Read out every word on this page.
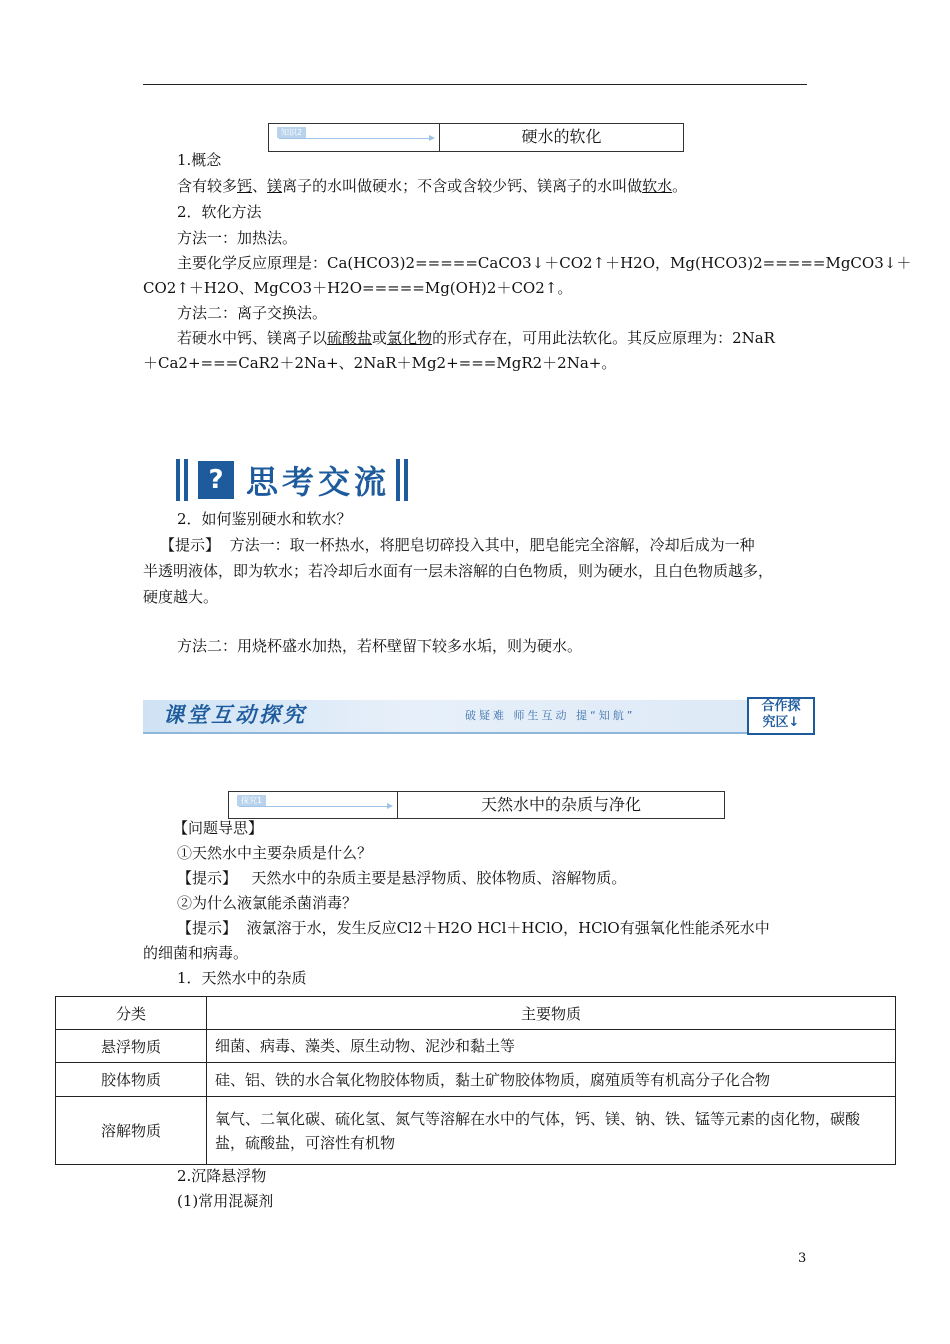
知识2	硬水的软化
1.概念
含有较多钙、镁离子的水叫做硬水；不含或含较少钙、镁离子的水叫做软水。
2．软化方法
方法一：加热法。
主要化学反应原理是：Ca(HCO3)2=====CaCO3↓＋CO2↑＋H2O，Mg(HCO3)2=====MgCO3↓＋
CO2↑＋H2O、MgCO3＋H2O=====Mg(OH)2＋CO2↑。
方法二：离子交换法。
若硬水中钙、镁离子以硫酸盐或氯化物的形式存在，可用此法软化。其反应原理为：2NaR
＋Ca2+===CaR2＋2Na+、2NaR＋Mg2+===MgR2＋2Na+。
? 思考交流
2．如何鉴别硬水和软水？
【提示】 方法一：取一杯热水，将肥皂切碎投入其中，肥皂能完全溶解，冷却后成为一种
半透明液体，即为软水；若冷却后水面有一层未溶解的白色物质，则为硬水，且白色物质越多，
硬度越大。
方法二：用烧杯盛水加热，若杯壁留下较多水垢，则为硬水。
课堂互动探究	破疑难 师生互动 提“知航”
合作探
究区↓
探究1	天然水中的杂质与净化
【问题导思】
①天然水中主要杂质是什么？
【提示】 天然水中的杂质主要是悬浮物质、胶体物质、溶解物质。
②为什么液氯能杀菌消毒？
【提示】 液氯溶于水，发生反应Cl2＋H2O HCl＋HClO，HClO有强氧化性能杀死水中
的细菌和病毒。
1．天然水中的杂质
分类	主要物质
悬浮物质	细菌、病毒、藻类、原生动物、泥沙和黏土等
胶体物质	硅、铝、铁的水合氧化物胶体物质，黏土矿物胶体物质，腐殖质等有机高分子化合物
溶解物质	氧气、二氧化碳、硫化氢、氮气等溶解在水中的气体，钙、镁、钠、铁、锰等元素的卤化物，碳酸盐，硫酸盐，可溶性有机物
2.沉降悬浮物
(1)常用混凝剂
3
